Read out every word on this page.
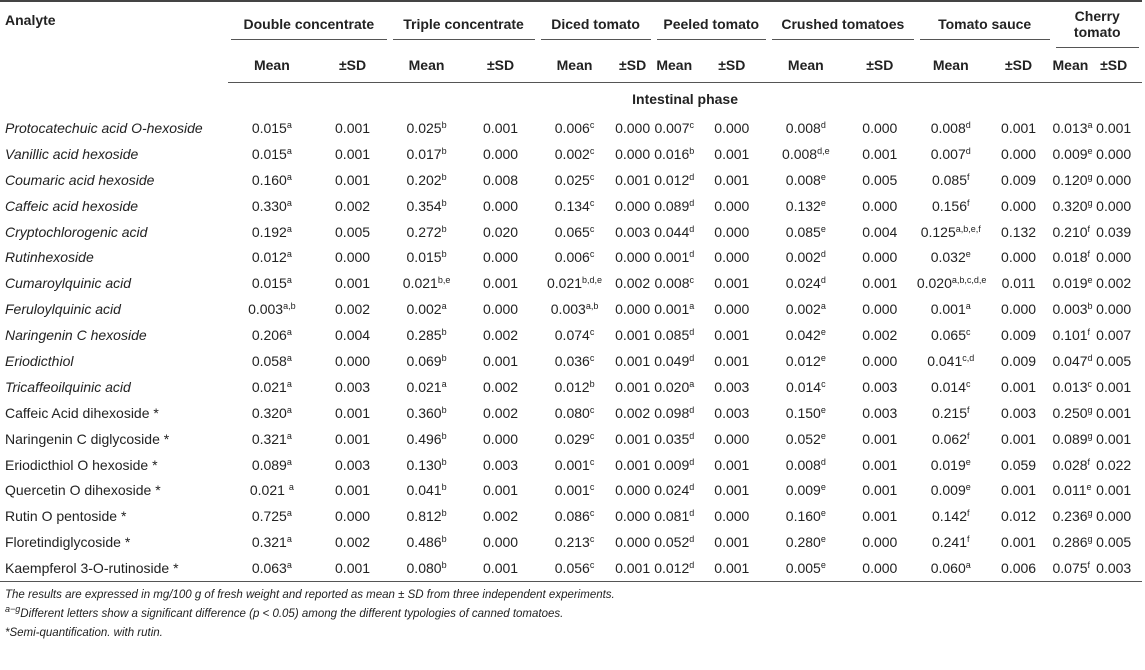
Analyte	Double concentrate		Triple concentrate		Diced tomato		Peeled tomato		Crushed tomatoes		Tomato sauce		Cherry tomato	

	Mean	±SD	Mean	±SD	Mean	±SD	Mean	±SD	Mean	±SD	Mean	±SD	Mean	±SD
	Intestinal phase													
Protocatechuic acid O-hexoside	0.015$^a$	0.001	0.025$^b$	0.001	0.006$^c$	0.000	0.007$^c$	0.000	0.008$^d$	0.000	0.008$^d$	0.001	0.013$^a$	0.001
Vanillic acid hexoside	0.015$^a$	0.001	0.017$^b$	0.000	0.002$^c$	0.000	0.016$^b$	0.001	0.008$^{d,e}$	0.001	0.007$^d$	0.000	0.009e	0.000
Coumaric acid hexoside	0.160$^a$	0.001	0.202$^b$	0.008	0.025$^c$	0.001	0.012$^d$	0.001	0.008e	0.005	0.085$^f$	0.009	0.120$^g$	0.000
Caffeic acid hexoside	0.330$^a$	0.002	0.354$^b$	0.000	0.134$^c$	0.000	0.089$^d$	0.000	0.132e	0.000	0.156$^f$	0.000	0.320$^g$	0.000
Cryptochlorogenic acid	0.192$^a$	0.005	0.272$^b$	0.020	0.065$^c$	0.003	0.044$^d$	0.000	0.085e	0.004	0.125$^{a,b,e,f}$	0.132	0.210$^f$	0.039
Rutinhexoside	0.012$^a$	0.000	0.015$^b$	0.000	0.006$^c$	0.000	0.001$^d$	0.000	0.002$^d$	0.000	0.032e	0.000	0.018$^f$	0.000
Cumaroylquinic acid	0.015$^a$	0.001	0.021$^{b,e}$	0.001	0.021$^{b,d,e}$	0.002	0.008$^c$	0.001	0.024$^d$	0.001	0.020$^{a,b,c,d,e}$	0.011	0.019e	0.002
Feruloylquinic acid	0.003$^{a,b}$	0.002	0.002$^a$	0.000	0.003$^{a,b}$	0.000	0.001$^a$	0.000	0.002$^a$	0.000	0.001$^a$	0.000	0.003$^b$	0.000
Naringenin C hexoside	0.206$^a$	0.004	0.285$^b$	0.002	0.074$^c$	0.001	0.085$^d$	0.001	0.042e	0.002	0.065$^c$	0.009	0.101$^f$	0.007
Eriodicthiol	0.058$^a$	0.000	0.069$^b$	0.001	0.036$^c$	0.001	0.049$^d$	0.001	0.012e	0.000	0.041$^{c,d}$	0.009	0.047$^d$	0.005
Tricaffeoilquinic acid	0.021$^a$	0.003	0.021$^a$	0.002	0.012$^b$	0.001	0.020$^a$	0.003	0.014$^c$	0.003	0.014$^c$	0.001	0.013$^c$	0.001
Caffeic Acid dihexoside *	0.320$^a$	0.001	0.360$^b$	0.002	0.080$^c$	0.002	0.098$^d$	0.003	0.150e	0.003	0.215$^f$	0.003	0.250$^g$	0.001
Naringenin C diglycoside *	0.321$^a$	0.001	0.496$^b$	0.000	0.029$^c$	0.001	0.035$^d$	0.000	0.052e	0.001	0.062$^f$	0.001	0.089$^g$	0.001
Eriodicthiol O hexoside *	0.089$^a$	0.003	0.130$^b$	0.003	0.001$^c$	0.001	0.009$^d$	0.001	0.008$^d$	0.001	0.019e	0.059	0.028$^f$	0.022
Quercetin O dihexoside *	0.021 $^a$	0.001	0.041$^b$	0.001	0.001$^c$	0.000	0.024$^d$	0.001	0.009e	0.001	0.009e	0.001	0.011e	0.001
Rutin O pentoside *	0.725$^a$	0.000	0.812$^b$	0.002	0.086$^c$	0.000	0.081$^d$	0.000	0.160e	0.001	0.142$^f$	0.012	0.236$^g$	0.000
Floretindiglycoside *	0.321$^a$	0.002	0.486$^b$	0.000	0.213$^c$	0.000	0.052$^d$	0.001	0.280e	0.000	0.241$^f$	0.001	0.286$^g$	0.005
Kaempferol 3-O-rutinoside *	0.063$^a$	0.001	0.080$^b$	0.001	0.056$^c$	0.001	0.012$^d$	0.001	0.005e	0.000	0.060$^a$	0.006	0.075$^f$	0.003
The results are expressed in mg/100 g of fresh weight and reported as mean ± SD from three independent experiments.
$^{a-g}$Different letters show a significant difference (p < 0.05) among the different typologies of canned tomatoes.
*Semi-quantification. with rutin.
